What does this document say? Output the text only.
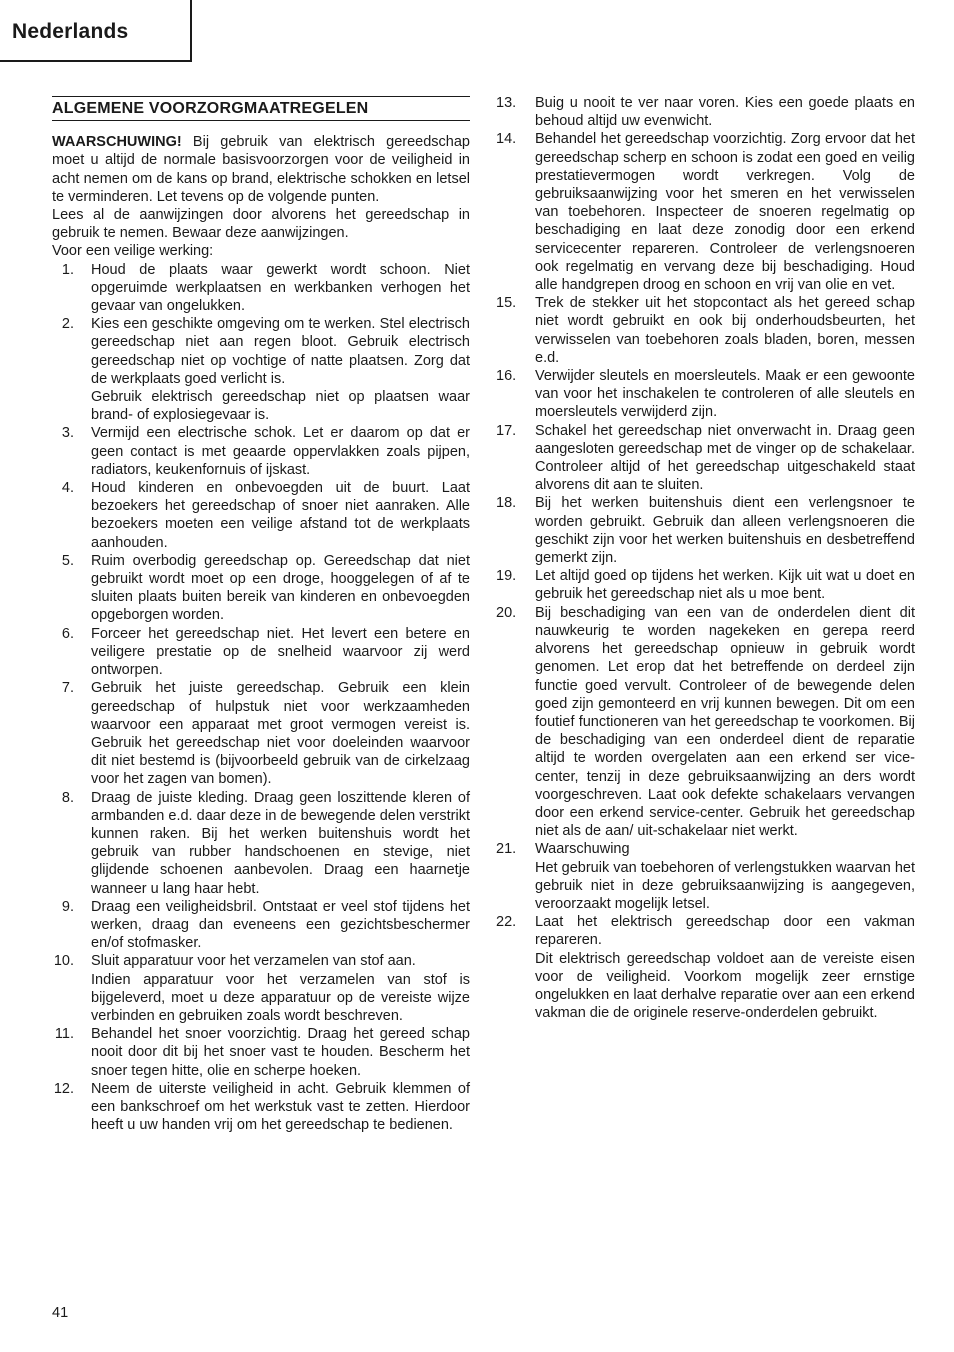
Nederlands
ALGEMENE VOORZORGMAATREGELEN

WAARSCHUWING! Bij gebruik van elektrisch gereedschap moet u altijd de normale basisvoorzorgen voor de veiligheid in acht nemen om de kans op brand, elektrische schokken en letsel te verminderen. Let tevens op de volgende punten.

Lees al de aanwijzingen door alvorens het gereedschap in gebruik te nemen. Bewaar deze aanwijzingen.

Voor een veilige werking:

1. Houd de plaats waar gewerkt wordt schoon. Niet opgeruimde werkplaatsen en werkbanken verhogen het gevaar van ongelukken.
2. Kies een geschikte omgeving om te werken. Stel electrisch gereedschap niet aan regen bloot. Gebruik electrisch gereedschap niet op vochtige of natte plaatsen. Zorg dat de werkplaats goed verlicht is.
Gebruik elektrisch gereedschap niet op plaatsen waar brand- of explosiegevaar is.
3. Vermijd een electrische schok. Let er daarom op dat er geen contact is met geaarde oppervlakken zoals pijpen, radiators, keukenfornuis of ijskast.
4. Houd kinderen en onbevoegden uit de buurt. Laat bezoekers het gereedschap of snoer niet aanraken. Alle bezoekers moeten een veilige afstand tot de werkplaats aanhouden.
5. Ruim overbodig gereedschap op. Gereedschap dat niet gebruikt wordt moet op een droge, hooggelegen of af te sluiten plaats buiten bereik van kinderen en onbevoegden opgeborgen worden.
6. Forceer het gereedschap niet. Het levert een betere en veiligere prestatie op de snelheid waarvoor zij werd ontworpen.
7. Gebruik het juiste gereedschap. Gebruik een klein gereedschap of hulpstuk niet voor werkzaamheden waarvoor een apparaat met groot vermogen vereist is. Gebruik het gereedschap niet voor doeleinden waarvoor dit niet bestemd is (bijvoorbeeld gebruik van de cirkelzaag voor het zagen van bomen).
8. Draag de juiste kleding. Draag geen loszittende kleren of armbanden e.d. daar deze in de bewegende delen verstrikt kunnen raken. Bij het werken buitenshuis wordt het gebruik van rubber handschoenen en stevige, niet glijdende schoenen aanbevolen. Draag een haarnetje wanneer u lang haar hebt.
9. Draag een veiligheidsbril. Ontstaat er veel stof tijdens het werken, draag dan eveneens een gezichtsbeschermer en/of stofmasker.
10. Sluit apparatuur voor het verzamelen van stof aan.
Indien apparatuur voor het verzamelen van stof is bijgeleverd, moet u deze apparatuur op de vereiste wijze verbinden en gebruiken zoals wordt beschreven.
11. Behandel het snoer voorzichtig. Draag het gereed schap nooit door dit bij het snoer vast te houden. Bescherm het snoer tegen hitte, olie en scherpe hoeken.
12. Neem de uiterste veiligheid in acht. Gebruik klemmen of een bankschroef om het werkstuk vast te zetten. Hierdoor heeft u uw handen vrij om het gereedschap te bedienen.
13. Buig u nooit te ver naar voren. Kies een goede plaats en behoud altijd uw evenwicht.
14. Behandel het gereedschap voorzichtig. Zorg ervoor dat het gereedschap scherp en schoon is zodat een goed en veilig prestatievermogen wordt verkregen. Volg de gebruiksaanwijzing voor het smeren en het verwisselen van toebehoren. Inspecteer de snoeren regelmatig op beschadiging en laat deze zonodig door een erkend servicecenter repareren. Controleer de verlengsnoeren ook regelmatig en vervang deze bij beschadiging. Houd alle handgrepen droog en schoon en vrij van olie en vet.
15. Trek de stekker uit het stopcontact als het gereed schap niet wordt gebruikt en ook bij onderhoudsbeurten, het verwisselen van toebehoren zoals bladen, boren, messen e.d.
16. Verwijder sleutels en moersleutels. Maak er een gewoonte van voor het inschakelen te controleren of alle sleutels en moersleutels verwijderd zijn.
17. Schakel het gereedschap niet onverwacht in. Draag geen aangesloten gereedschap met de vinger op de schakelaar. Controleer altijd of het gereedschap uitgeschakeld staat alvorens dit aan te sluiten.
18. Bij het werken buitenshuis dient een verlengsnoer te worden gebruikt. Gebruik dan alleen verlengsnoeren die geschikt zijn voor het werken buitenshuis en desbetreffend gemerkt zijn.
19. Let altijd goed op tijdens het werken. Kijk uit wat u doet en gebruik het gereedschap niet als u moe bent.
20. Bij beschadiging van een van de onderdelen dient dit nauwkeurig te worden nagekeken en gerepa reerd alvorens het gereedschap opnieuw in gebruik wordt genomen. Let erop dat het betreffende on derdeel zijn functie goed vervult. Controleer of de bewegende delen goed zijn gemonteerd en vrij kunnen bewegen. Dit om een foutief functioneren van het gereedschap te voorkomen. Bij de beschadiging van een onderdeel dient de reparatie altijd te worden overgelaten aan een erkend ser vice-center, tenzij in deze gebruiksaanwijzing an ders wordt voorgeschreven. Laat ook defekte schakelaars vervangen door een erkend service-center. Gebruik het gereedschap niet als de aan/ uit-schakelaar niet werkt.
21. Waarschuwing
Het gebruik van toebehoren of verlengstukken waarvan het gebruik niet in deze gebruiksaanwijzing is aangegeven, veroorzaakt mogelijk letsel.
22. Laat het elektrisch gereedschap door een vakman repareren.
Dit elektrisch gereedschap voldoet aan de vereiste eisen voor de veiligheid. Voorkom mogelijk zeer ernstige ongelukken en laat derhalve reparatie over aan een erkend vakman die de originele reserve-onderdelen gebruikt.
41
